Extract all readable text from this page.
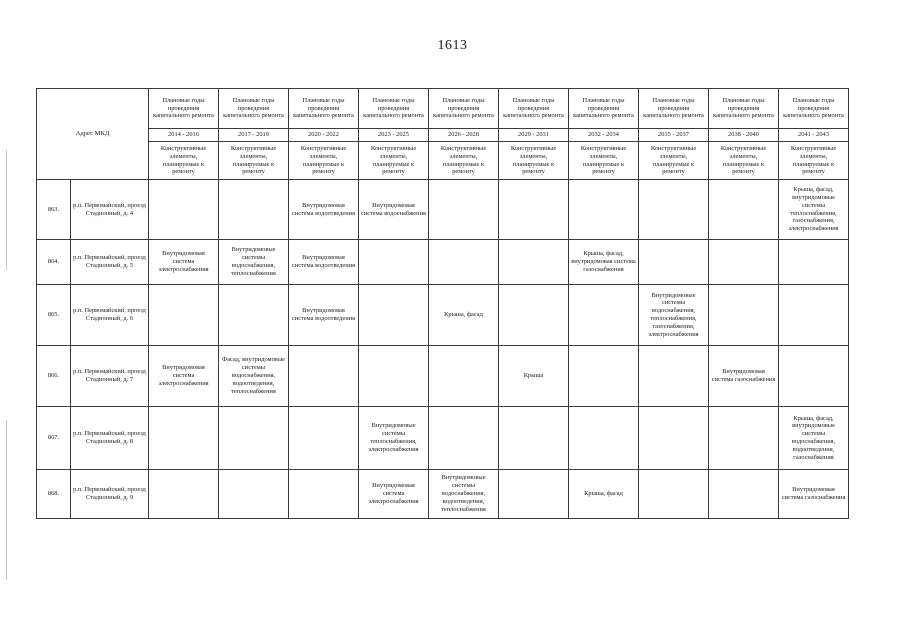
1613
Адрес МКД		Плановые годы проведения капитального ремонта	Плановые годы проведения капитального ремонта	Плановые годы проведения капитального ремонта	Плановые годы проведения капитального ремонта	Плановые годы проведения капитального ремонта	Плановые годы проведения капитального ремонта	Плановые годы проведения капитального ремонта	Плановые годы проведения капитального ремонта	Плановые годы проведения капитального ремонта	Плановые годы проведения капитального ремонта
		2014 - 2016	2017 - 2019	2020 - 2022	2023 - 2025	2026 - 2028	2029 - 2031	2032 - 2034	2035 - 2037	2038 - 2040	2041 - 2043
		Конструктивные элементы, планируемые к ремонту	Конструктивные элементы, планируемые к ремонту	Конструктивные элементы, планируемые к ремонту	Конструктивные элементы, планируемые к ремонту	Конструктивные элементы, планируемые к ремонту	Конструктивные элементы, планируемые к ремонту	Конструктивные элементы, планируемые к ремонту	Конструктивные элементы, планируемые к ремонту	Конструктивные элементы, планируемые к ремонту	Конструктивные элементы, планируемые к ремонту
863.	р.п. Первомайский, проезд Стадионный, д. 4			Внутридомовая система водоотведения	Внутридомовая система водоснабжения						Крыша, фасад, внутридомовые системы теплоснабжения, газоснабжения, электроснабжения
864.	р.п. Первомайский, проезд Стадионный, д. 5	Внутридомовая система электроснабжения	Внутридомовые системы водоснабжения, теплоснабжения	Внутридомовая система водоотведения				Крыша, фасад, внутридомовая система газоснабжения			
865.	р.п. Первомайский, проезд Стадионный, д. 6			Внутридомовая система водоотведения		Крыша, фасад			Внутридомовые системы водоснабжения, теплоснабжения, газоснабжения, электроснабжения		
866.	р.п. Первомайский, проезд Стадионный, д. 7	Внутридомовая система электроснабжения	Фасад, внутридомовые системы водоснабжения, водоотведения, теплоснабжения				Крыша			Внутридомовая система газоснабжения	
867.	р.п. Первомайский, проезд Стадионный, д. 8				Внутридомовые системы теплоснабжения, электроснабжения						Крыша, фасад, внутридомовые системы водоснабжения, водоотведения, газоснабжения
868.	р.п. Первомайский, проезд Стадионный, д. 9				Внутридомовая система электроснабжения	Внутридомовые системы водоснабжения, водоотведения, теплоснабжения		Крыша, фасад			Внутридомовая система газоснабжения
